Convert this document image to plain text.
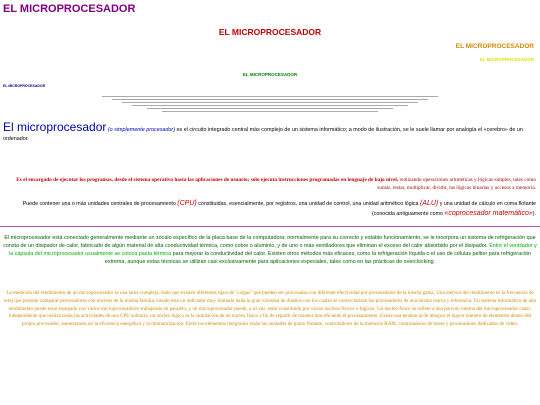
EL MICROPROCESADOR
EL MICROPROCESADOR
EL MICROPROCESADOR
EL MICROPROCESADOR
EL MICROPROCESADOR
EL MICROPROCESADOR
El microprocesador (o simplemente procesador) es el circuito integrado central más complejo de un sistema informático; a modo de ilustración, se le suele llamar por analogía el «cerebro» de un ordenador.
Es el encargado de ejecutar los programas, desde el sistema operativo hasta las aplicaciones de usuario; sólo ejecuta instrucciones programadas en lenguaje de bajo nivel, realizando operaciones aritméticas y lógicas simples, tales como sumar, restar, multiplicar, dividir, las lógicas binarias y accesos a memoria.
Puede contener una o más unidades centrales de procesamiento (CPU) constituidas, esencialmente, por registros, una unidad de control, una unidad aritmético lógica (ALU) y una unidad de cálculo en coma flotante (conocida antiguamente como «coprocesador matemático»).
El microprocesador está conectado generalmente mediante un zócalo específico de la placa base de la computadora; normalmente para su correcto y estable funcionamiento, se le incorpora un sistema de refrigeración que consta de un disipador de calor, fabricado de algún material de alta conductividad térmica, como cobre o aluminio, y de uno o más ventiladores que eliminan el exceso del calor absorbido por el disipador. Entre el ventilador y la cápsula del microprocesador usualmente se coloca pasta térmica para mejorar la conductividad del calor. Existen otros métodos más eficaces, como la refrigeración líquida o el uso de células peltier para refrigeración extrema, aunque estas técnicas se utilizan casi exclusivamente para aplicaciones especiales, tales como en las prácticas de overclocking.
La medición del rendimiento de un microprocesador es una tarea compleja, dado que existen diferentes tipos de "cargas" que pueden ser procesadas con diferente efectividad por procesadores de la misma gama. Una métrica del rendimiento es la frecuencia de reloj que permite comparar procesadores con núcleos de la misma familia, siendo este un indicador muy limitado dada la gran variedad de diseños con los cuales se comercializan los procesadores de una misma marca y referencia. Un sistema informático de alto rendimiento puede estar equipado con varios microprocesadores trabajando en paralelo, y un microprocesador puede, a su vez, estar constituido por varios núcleos físicos o lógicos. Un núcleo físico se refiere a una porción interna del microprocesador cuasi-independiente que realiza todas las actividades de una CPU solitaria, un núcleo lógico es la simulación de un núcleo físico a fin de repartir de manera más eficiente el procesamiento. Existe una tendencia de integrar el mayor número de elementos dentro del propio procesador, aumentando así la eficiencia energética y la miniaturización. Entre los elementos integrados están las unidades de punto flotante, controladores de la memoria RAM, controladores de buses y procesadores dedicados de video.
